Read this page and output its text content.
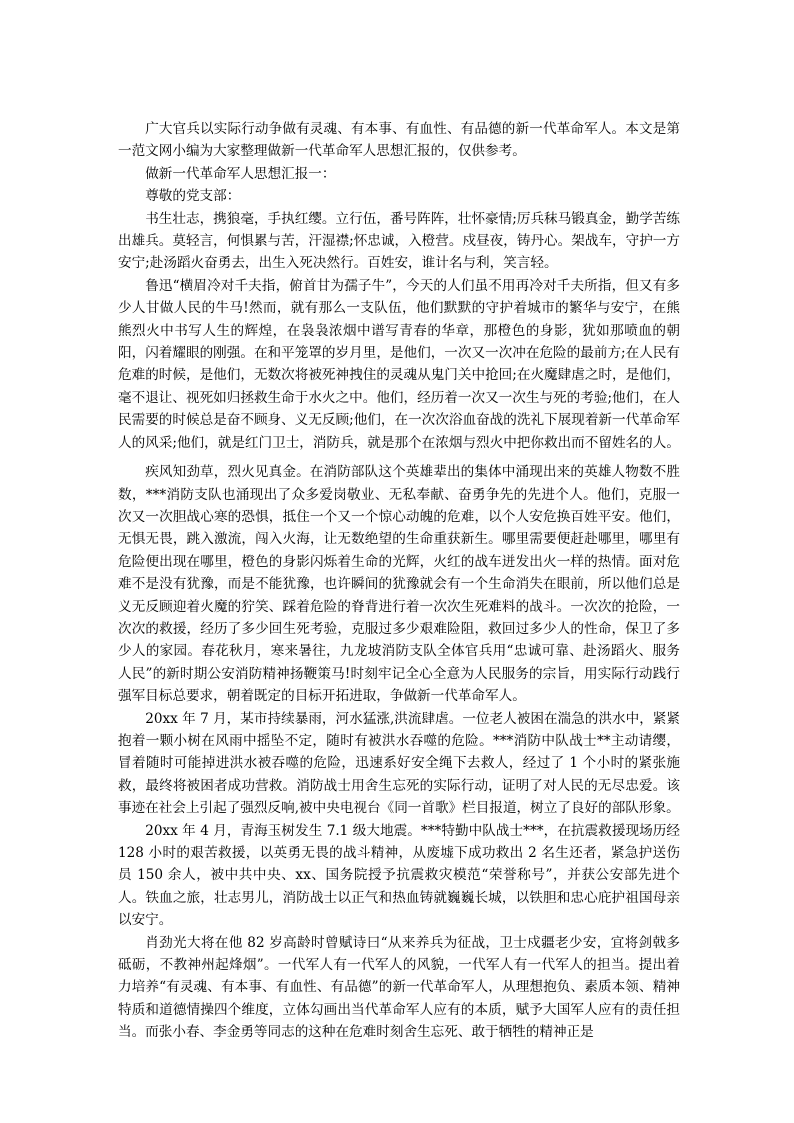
广大官兵以实际行动争做有灵魂、有本事、有血性、有品德的新一代革命军人。本文是第一范文网小编为大家整理做新一代革命军人思想汇报的，仅供参考。

做新一代革命军人思想汇报一：

尊敬的党支部：

书生壮志，携狼毫，手执红缨。立行伍，番号阵阵，壮怀豪情;厉兵秣马锻真金，勤学苦练出雄兵。莫轻言，何惧累与苦，汗湿襟;怀忠诚，入橙营。戍昼夜，铸丹心。架战车，守护一方安宁;赴汤蹈火奋勇去，出生入死决然行。百姓安，谁计名与利，笑言轻。

鲁迅“横眉冷对千夫指，俯首甘为孺子牛”，今天的人们虽不用再冷对千夫所指，但又有多少人甘做人民的牛马!然而，就有那么一支队伍，他们默默的守护着城市的繁华与安宁，在熊熊烈火中书写人生的辉煌，在袅袅浓烟中谱写青春的华章，那橙色的身影，犹如那喷血的朝阳，闪着耀眼的刚强。在和平笼罩的岁月里，是他们，一次又一次冲在危险的最前方;在人民有危难的时候，是他们，无数次将被死神拽住的灵魂从鬼门关中抢回;在火魔肆虐之时，是他们，毫不退让、视死如归拯救生命于水火之中。他们，经历着一次又一次生与死的考验;他们，在人民需要的时候总是奋不顾身、义无反顾;他们，在一次次浴血奋战的洗礼下展现着新一代革命军人的风采;他们，就是红门卫士，消防兵，就是那个在浓烟与烈火中把你救出而不留姓名的人。

疾风知劲草，烈火见真金。在消防部队这个英雄辈出的集体中涌现出来的英雄人物数不胜数，***消防支队也涌现出了众多爱岗敬业、无私奉献、奋勇争先的先进个人。他们，克服一次又一次胆战心寒的恐惧，抵住一个又一个惊心动魄的危难，以个人安危换百姓平安。他们，无惧无畏，跳入激流，闯入火海，让无数绝望的生命重获新生。哪里需要便赶赴哪里，哪里有危险便出现在哪里，橙色的身影闪烁着生命的光辉，火红的战车迸发出火一样的热情。面对危难不是没有犹豫，而是不能犹豫，也许瞬间的犹豫就会有一个生命消失在眼前，所以他们总是义无反顾迎着火魔的狞笑、踩着危险的脊背进行着一次次生死难料的战斗。一次次的抢险，一次次的救援，经历了多少回生死考验，克服过多少艰难险阻，救回过多少人的性命，保卫了多少人的家园。春花秋月，寒来暑往，九龙坡消防支队全体官兵用“忠诚可靠、赴汤蹈火、服务人民”的新时期公安消防精神扬鞭策马!时刻牢记全心全意为人民服务的宗旨，用实际行动践行强军目标总要求，朝着既定的目标开拓进取，争做新一代革命军人。

20xx 年 7 月，某市持续暴雨，河水猛涨,洪流肆虐。一位老人被困在湍急的洪水中，紧紧抱着一颗小树在风雨中摇坠不定，随时有被洪水吞噬的危险。***消防中队战士**主动请缨，冒着随时可能掉进洪水被吞噬的危险，迅速系好安全绳下去救人，经过了 1 个小时的紧张施救，最终将被困者成功营救。消防战士用舍生忘死的实际行动，证明了对人民的无尽忠爱。该事迹在社会上引起了强烈反响,被中央电视台《同一首歌》栏目报道，树立了良好的部队形象。

20xx 年 4 月，青海玉树发生 7.1 级大地震。***特勤中队战士***，在抗震救援现场历经 128 小时的艰苦救援，以英勇无畏的战斗精神，从废墟下成功救出 2 名生还者，紧急护送伤员 150 余人，被中共中央、xx、国务院授予抗震救灾模范“荣誉称号”，并获公安部先进个人。铁血之旅，壮志男儿，消防战士以正气和热血铸就巍巍长城，以铁胆和忠心庇护祖国母亲以安宁。

肖劲光大将在他 82 岁高龄时曾赋诗曰“从来养兵为征战，卫士戍疆老少安，宜将剑戟多砥砺，不教神州起烽烟”。一代军人有一代军人的风貌，一代军人有一代军人的担当。提出着力培养“有灵魂、有本事、有血性、有品德”的新一代革命军人，从理想抱负、素质本领、精神特质和道德情操四个维度，立体勾画出当代革命军人应有的本质，赋予大国军人应有的责任担当。而张小春、李金勇等同志的这种在危难时刻舍生忘死、敢于牺牲的精神正是
